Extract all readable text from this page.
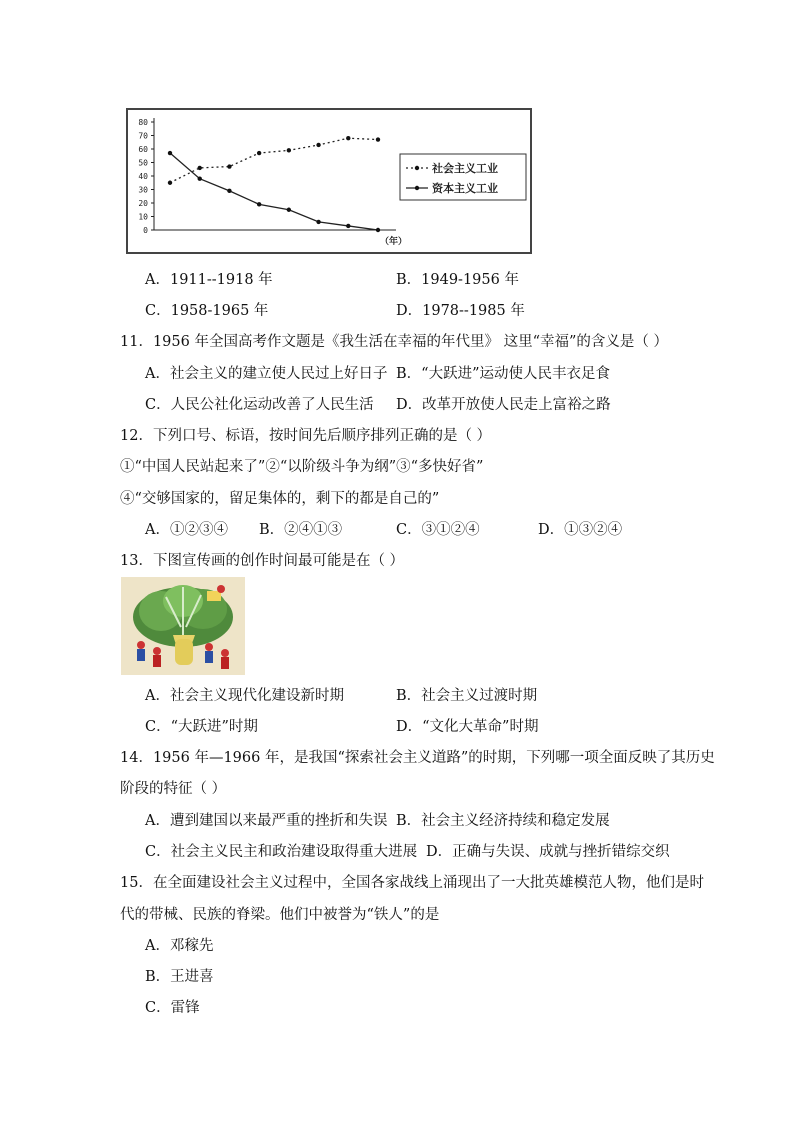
0
10
20
30
40
50
60
70
80
（年）
社会主义工业
资本主义工业
A．1911--1918 年	B．1949-1956 年
C．1958-1965 年	D．1978--1985 年
11．1956 年全国高考作文题是《我生活在幸福的年代里》 这里“幸福”的含义是（ ）
A．社会主义的建立使人民过上好日子 B．“大跃进”运动使人民丰衣足食
C．人民公社化运动改善了人民生活 D．改革开放使人民走上富裕之路
12．下列口号、标语，按时间先后顺序排列正确的是（ ）
①“中国人民站起来了”②“以阶级斗争为纲”③“多快好省”
④“交够国家的，留足集体的，剩下的都是自己的”
A．①②③④ B．②④①③	C．③①②④	D．①③②④
13．下图宣传画的创作时间最可能是在（ ）
A．社会主义现代化建设新时期	B．社会主义过渡时期
C．“大跃进”时期	D．“文化大革命”时期
14．1956 年—1966 年，是我国“探索社会主义道路”的时期，下列哪一项全面反映了其历史
阶段的特征（ ）
A．遭到建国以来最严重的挫折和失误 B．社会主义经济持续和稳定发展
C．社会主义民主和政治建设取得重大进展 D．正确与失误、成就与挫折错综交织
15．在全面建设社会主义过程中，全国各家战线上涌现出了一大批英雄模范人物，他们是时
代的带械、民族的脊梁。他们中被誉为“铁人”的是
A．邓稼先
B．王进喜
C．雷锋
